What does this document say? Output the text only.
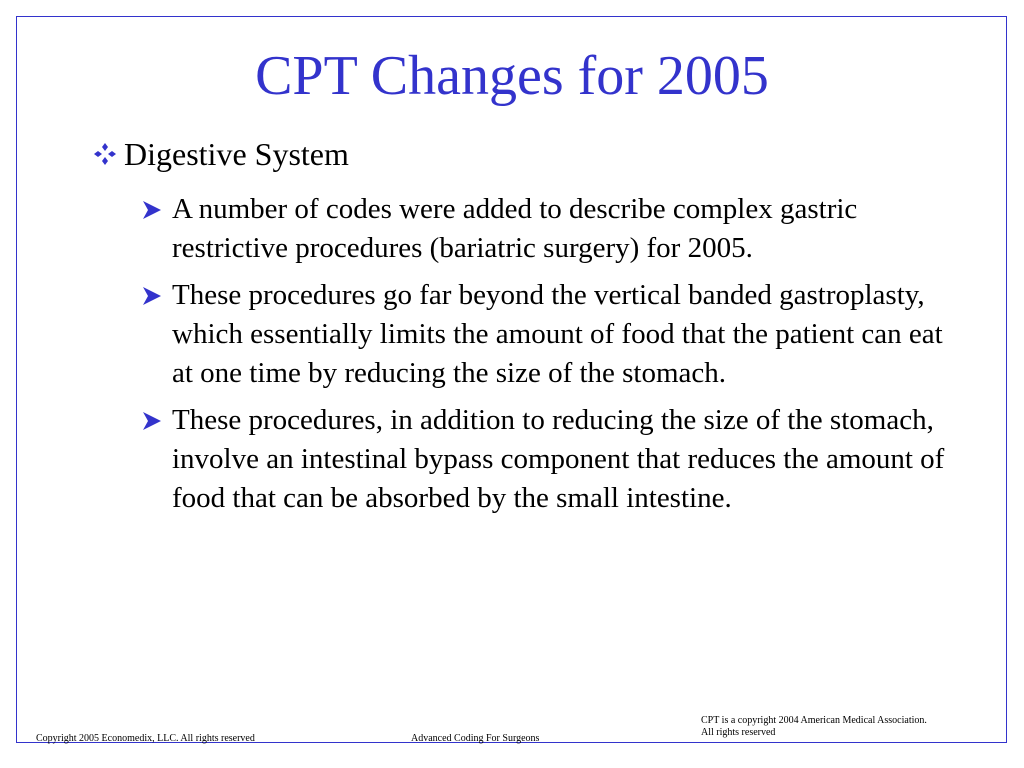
CPT Changes for 2005
Digestive System
A number of codes were added to describe complex gastric restrictive procedures (bariatric surgery) for 2005.
These procedures go far beyond the vertical banded gastroplasty, which essentially limits the amount of food that the patient can eat at one time by reducing the size of the stomach.
These procedures, in addition to reducing the size of the stomach, involve an intestinal bypass component that reduces the amount of food that can be absorbed by the small intestine.
Copyright 2005 Economedix, LLC. All rights reserved	Advanced Coding For Surgeons
CPT is a copyright 2004 American Medical Association.
All rights reserved
